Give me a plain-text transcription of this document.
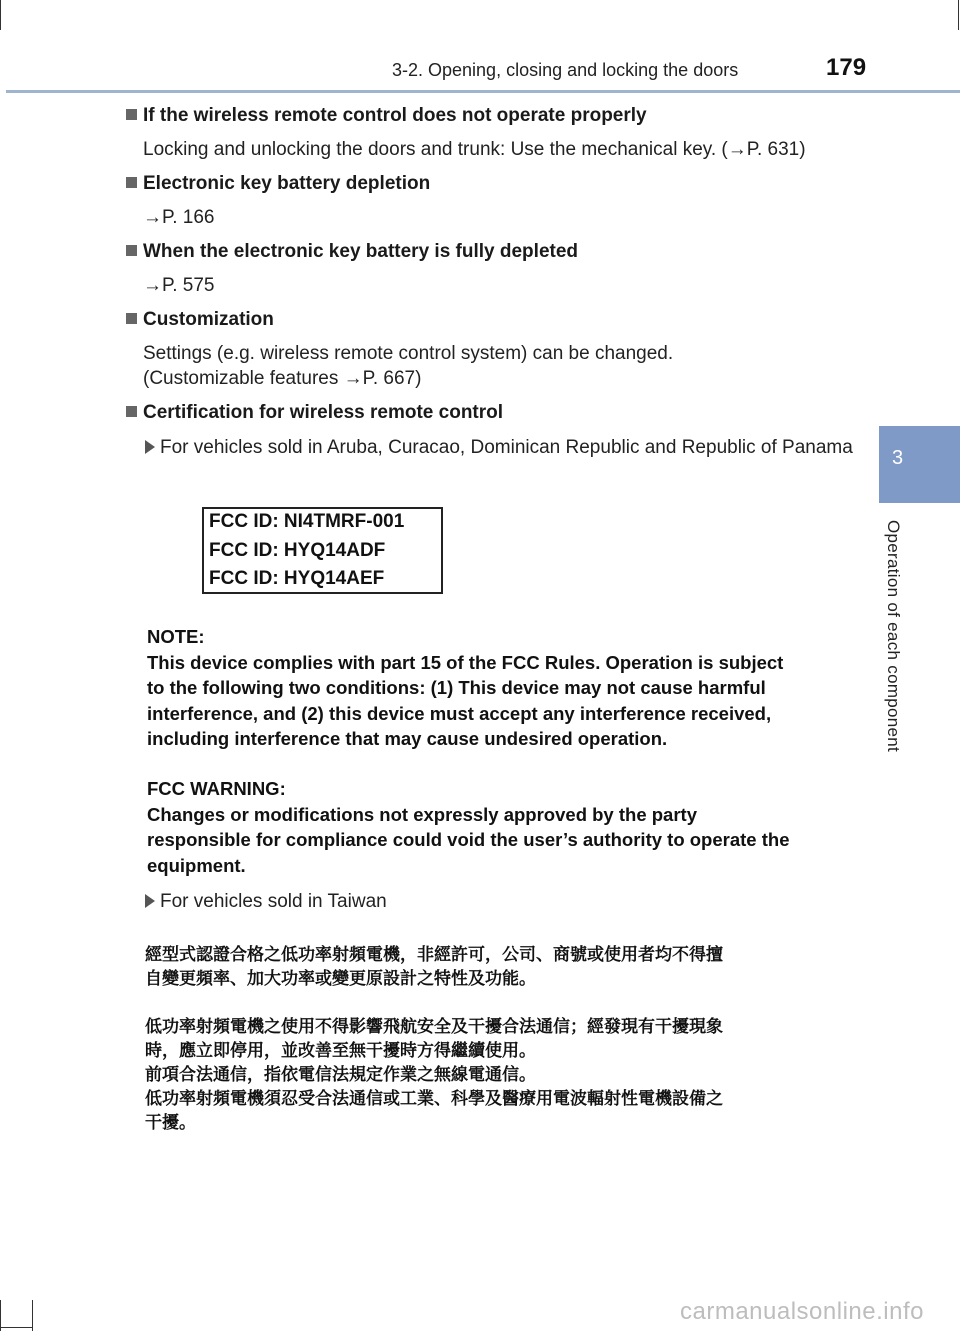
3-2. Opening, closing and locking the doors	179
3
Operation of each component
If the wireless remote control does not operate properly
Locking and unlocking the doors and trunk: Use the mechanical key. (→P. 631)
Electronic key battery depletion
→P. 166
When the electronic key battery is fully depleted
→P. 575
Customization
Settings (e.g. wireless remote control system) can be changed.
(Customizable features →P. 667)
Certification for wireless remote control
For vehicles sold in Aruba, Curacao, Dominican Republic and Republic of Panama
FCC ID: NI4TMRF-001
FCC ID: HYQ14ADF
FCC ID: HYQ14AEF
NOTE:
This device complies with part 15 of the FCC Rules. Operation is subject
to the following two conditions: (1) This device may not cause harmful
interference, and (2) this device must accept any interference received,
including interference that may cause undesired operation.
FCC WARNING:
Changes or modifications not expressly approved by the party
responsible for compliance could void the user’s authority to operate the
equipment.
For vehicles sold in Taiwan
經型式認證合格之低功率射頻電機，非經許可，公司、商號或使用者均不得擅
自變更頻率、加大功率或變更原設計之特性及功能。
低功率射頻電機之使用不得影響飛航安全及干擾合法通信；經發現有干擾現象
時，應立即停用，並改善至無干擾時方得繼續使用。
前項合法通信，指依電信法規定作業之無線電通信。
低功率射頻電機須忍受合法通信或工業、科學及醫療用電波輻射性電機設備之
干擾。
carmanualsonline.info
